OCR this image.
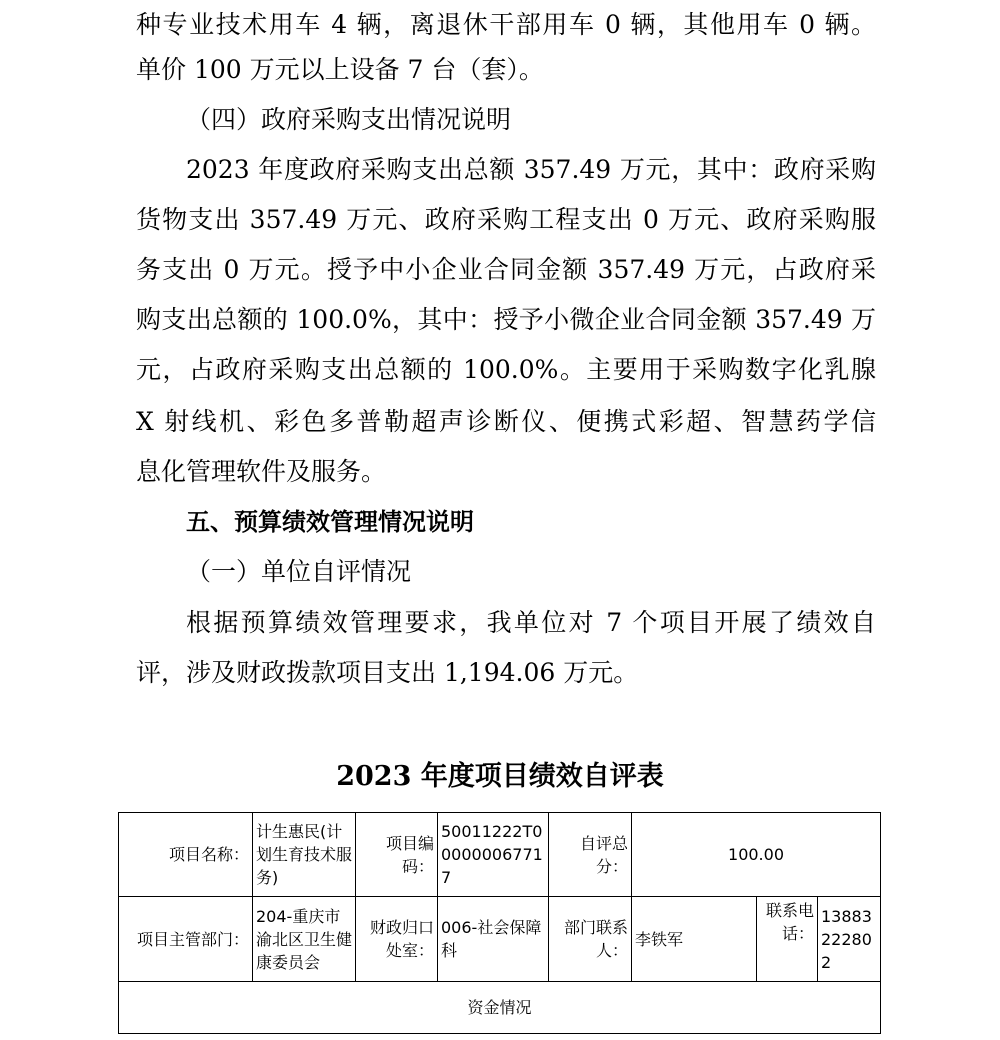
种专业技术用车 4 辆，离退休干部用车 0 辆，其他用车 0 辆。
单价 100 万元以上设备 7 台（套）。
（四）政府采购支出情况说明
2023 年度政府采购支出总额 357.49 万元，其中：政府采购
货物支出 357.49 万元、政府采购工程支出 0 万元、政府采购服
务支出 0 万元。授予中小企业合同金额 357.49 万元，占政府采
购支出总额的 100.0%，其中：授予小微企业合同金额 357.49 万
元，占政府采购支出总额的 100.0%。主要用于采购数字化乳腺
X 射线机、彩色多普勒超声诊断仪、便携式彩超、智慧药学信
息化管理软件及服务。
五、预算绩效管理情况说明
（一）单位自评情况
根据预算绩效管理要求，我单位对 7 个项目开展了绩效自
评，涉及财政拨款项目支出 1,194.06 万元。
2023 年度项目绩效自评表
项目名称：	计生惠民(计划生育技术服务)	项目编码：	50011222T000000067717	自评总分：	100.00		
项目主管部门：	204-重庆市渝北区卫生健康委员会	财政归口处室：	006-社会保障科	部门联系人：	李铁军	联系电话：	13883222802
资金情况							
